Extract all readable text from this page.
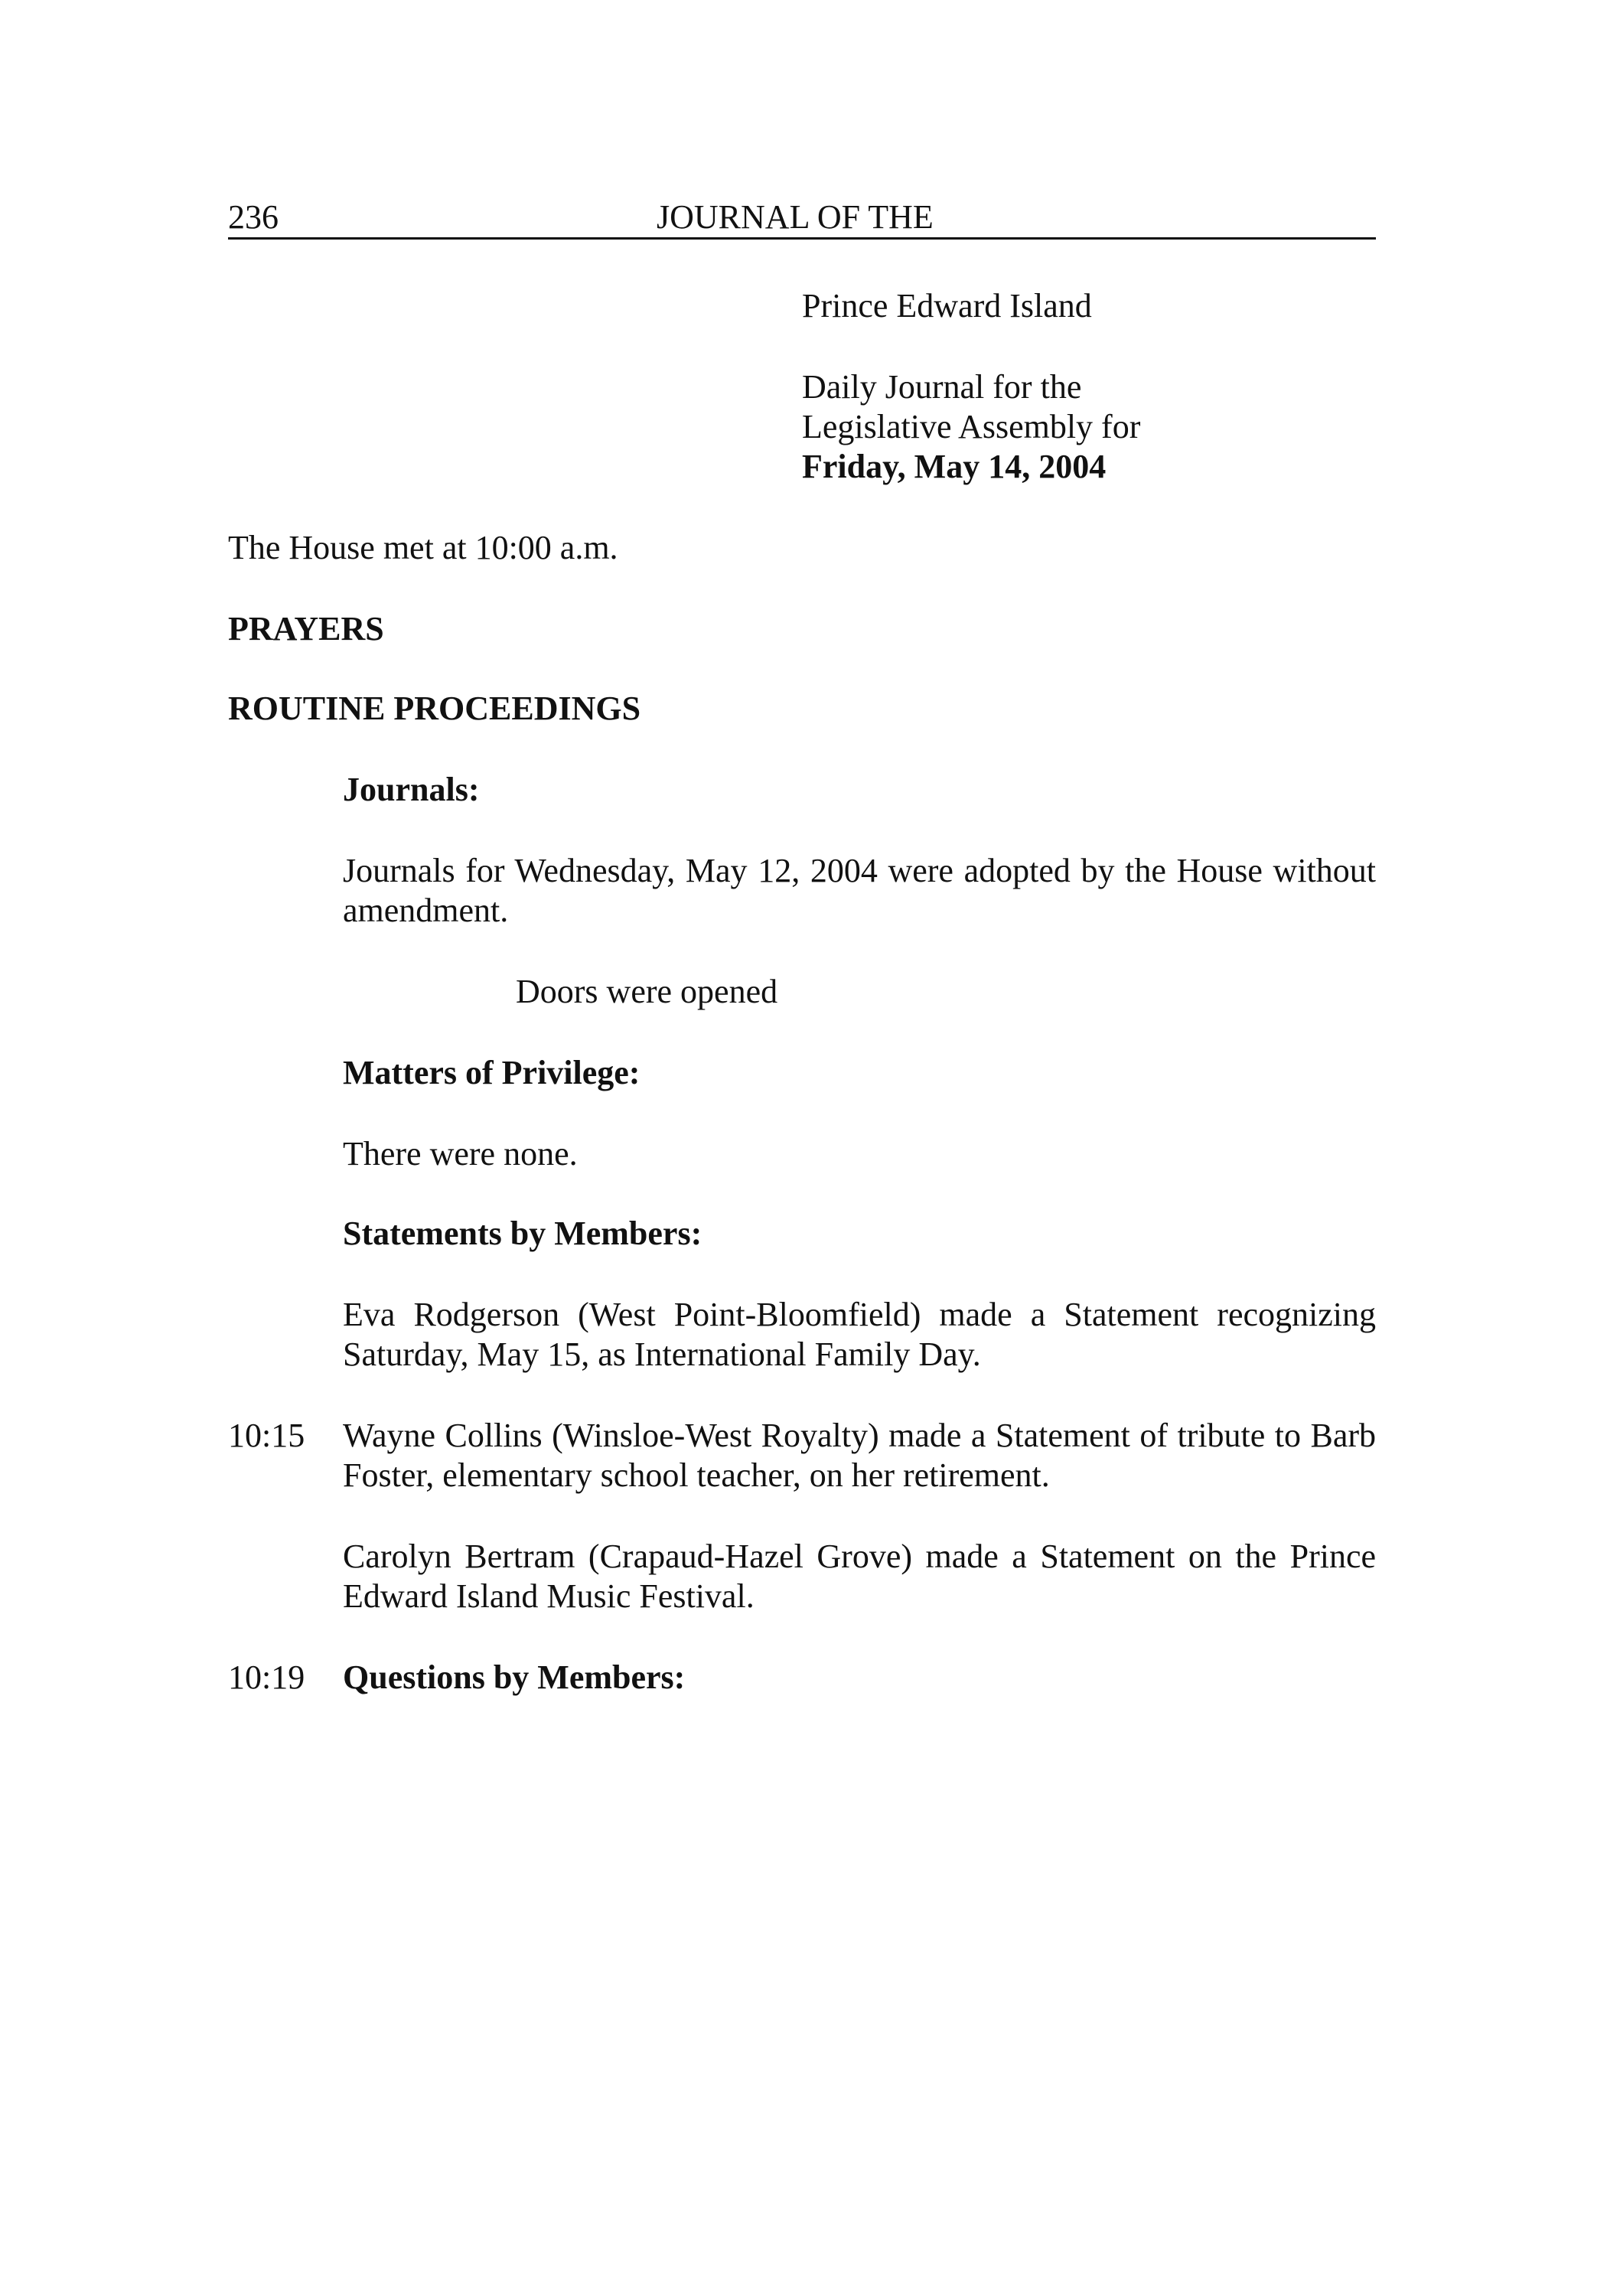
236	JOURNAL OF THE
Prince Edward Island
Daily Journal for the
Legislative Assembly for
Friday, May 14, 2004
The House met at 10:00 a.m.
PRAYERS
ROUTINE PROCEEDINGS
Journals:
Journals for Wednesday, May 12, 2004 were adopted by the House without amendment.
Doors were opened
Matters of Privilege:
There were none.
Statements by Members:
Eva Rodgerson (West Point-Bloomfield) made a Statement recognizing Saturday, May 15, as International Family Day.
10:15 Wayne Collins (Winsloe-West Royalty) made a Statement of tribute to Barb Foster, elementary school teacher, on her retirement.
Carolyn Bertram (Crapaud-Hazel Grove) made a Statement on the Prince Edward Island Music Festival.
10:19 Questions by Members:
